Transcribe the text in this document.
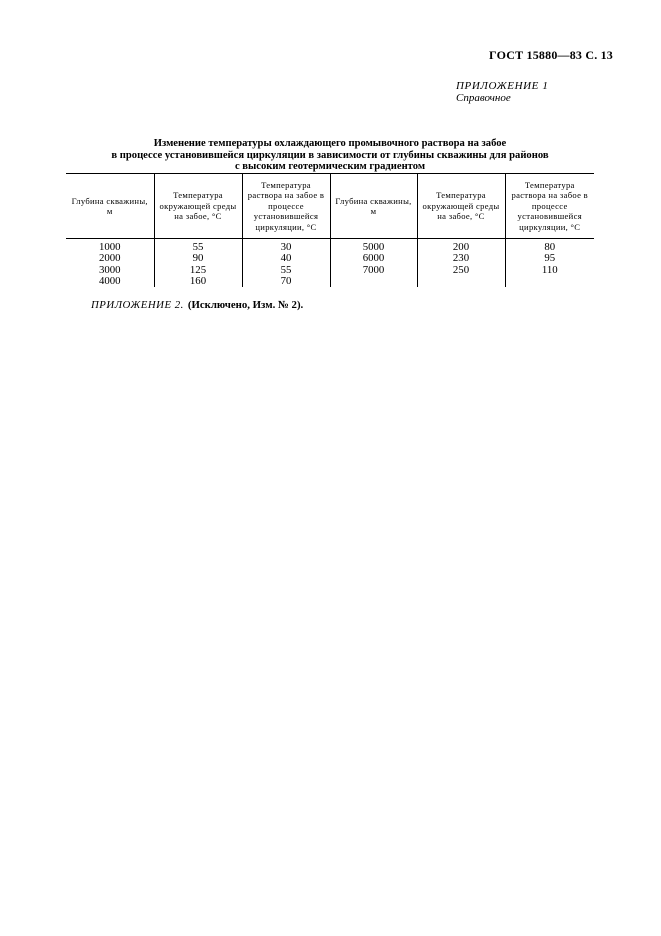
ГОСТ 15880—83 С. 13
ПРИЛОЖЕНИЕ 1
Справочное
Изменение температуры охлаждающего промывочного раствора на забое
в процессе установившейся циркуляции в зависимости от глубины скважины для районов
с высоким геотермическим градиентом
Глубина скважины, м	Температура окружающей среды на забое, °С	Температура раствора на забое в процессе установившейся циркуляции, °С	Глубина скважины, м	Температура окружающей среды на забое, °С	Температура раствора на забое в процессе установившейся циркуляции, °С
1000	55	30	5000	200	80
2000	90	40	6000	230	95
3000	125	55	7000	250	110
4000	160	70			
ПРИЛОЖЕНИЕ 2. (Исключено, Изм. № 2).
